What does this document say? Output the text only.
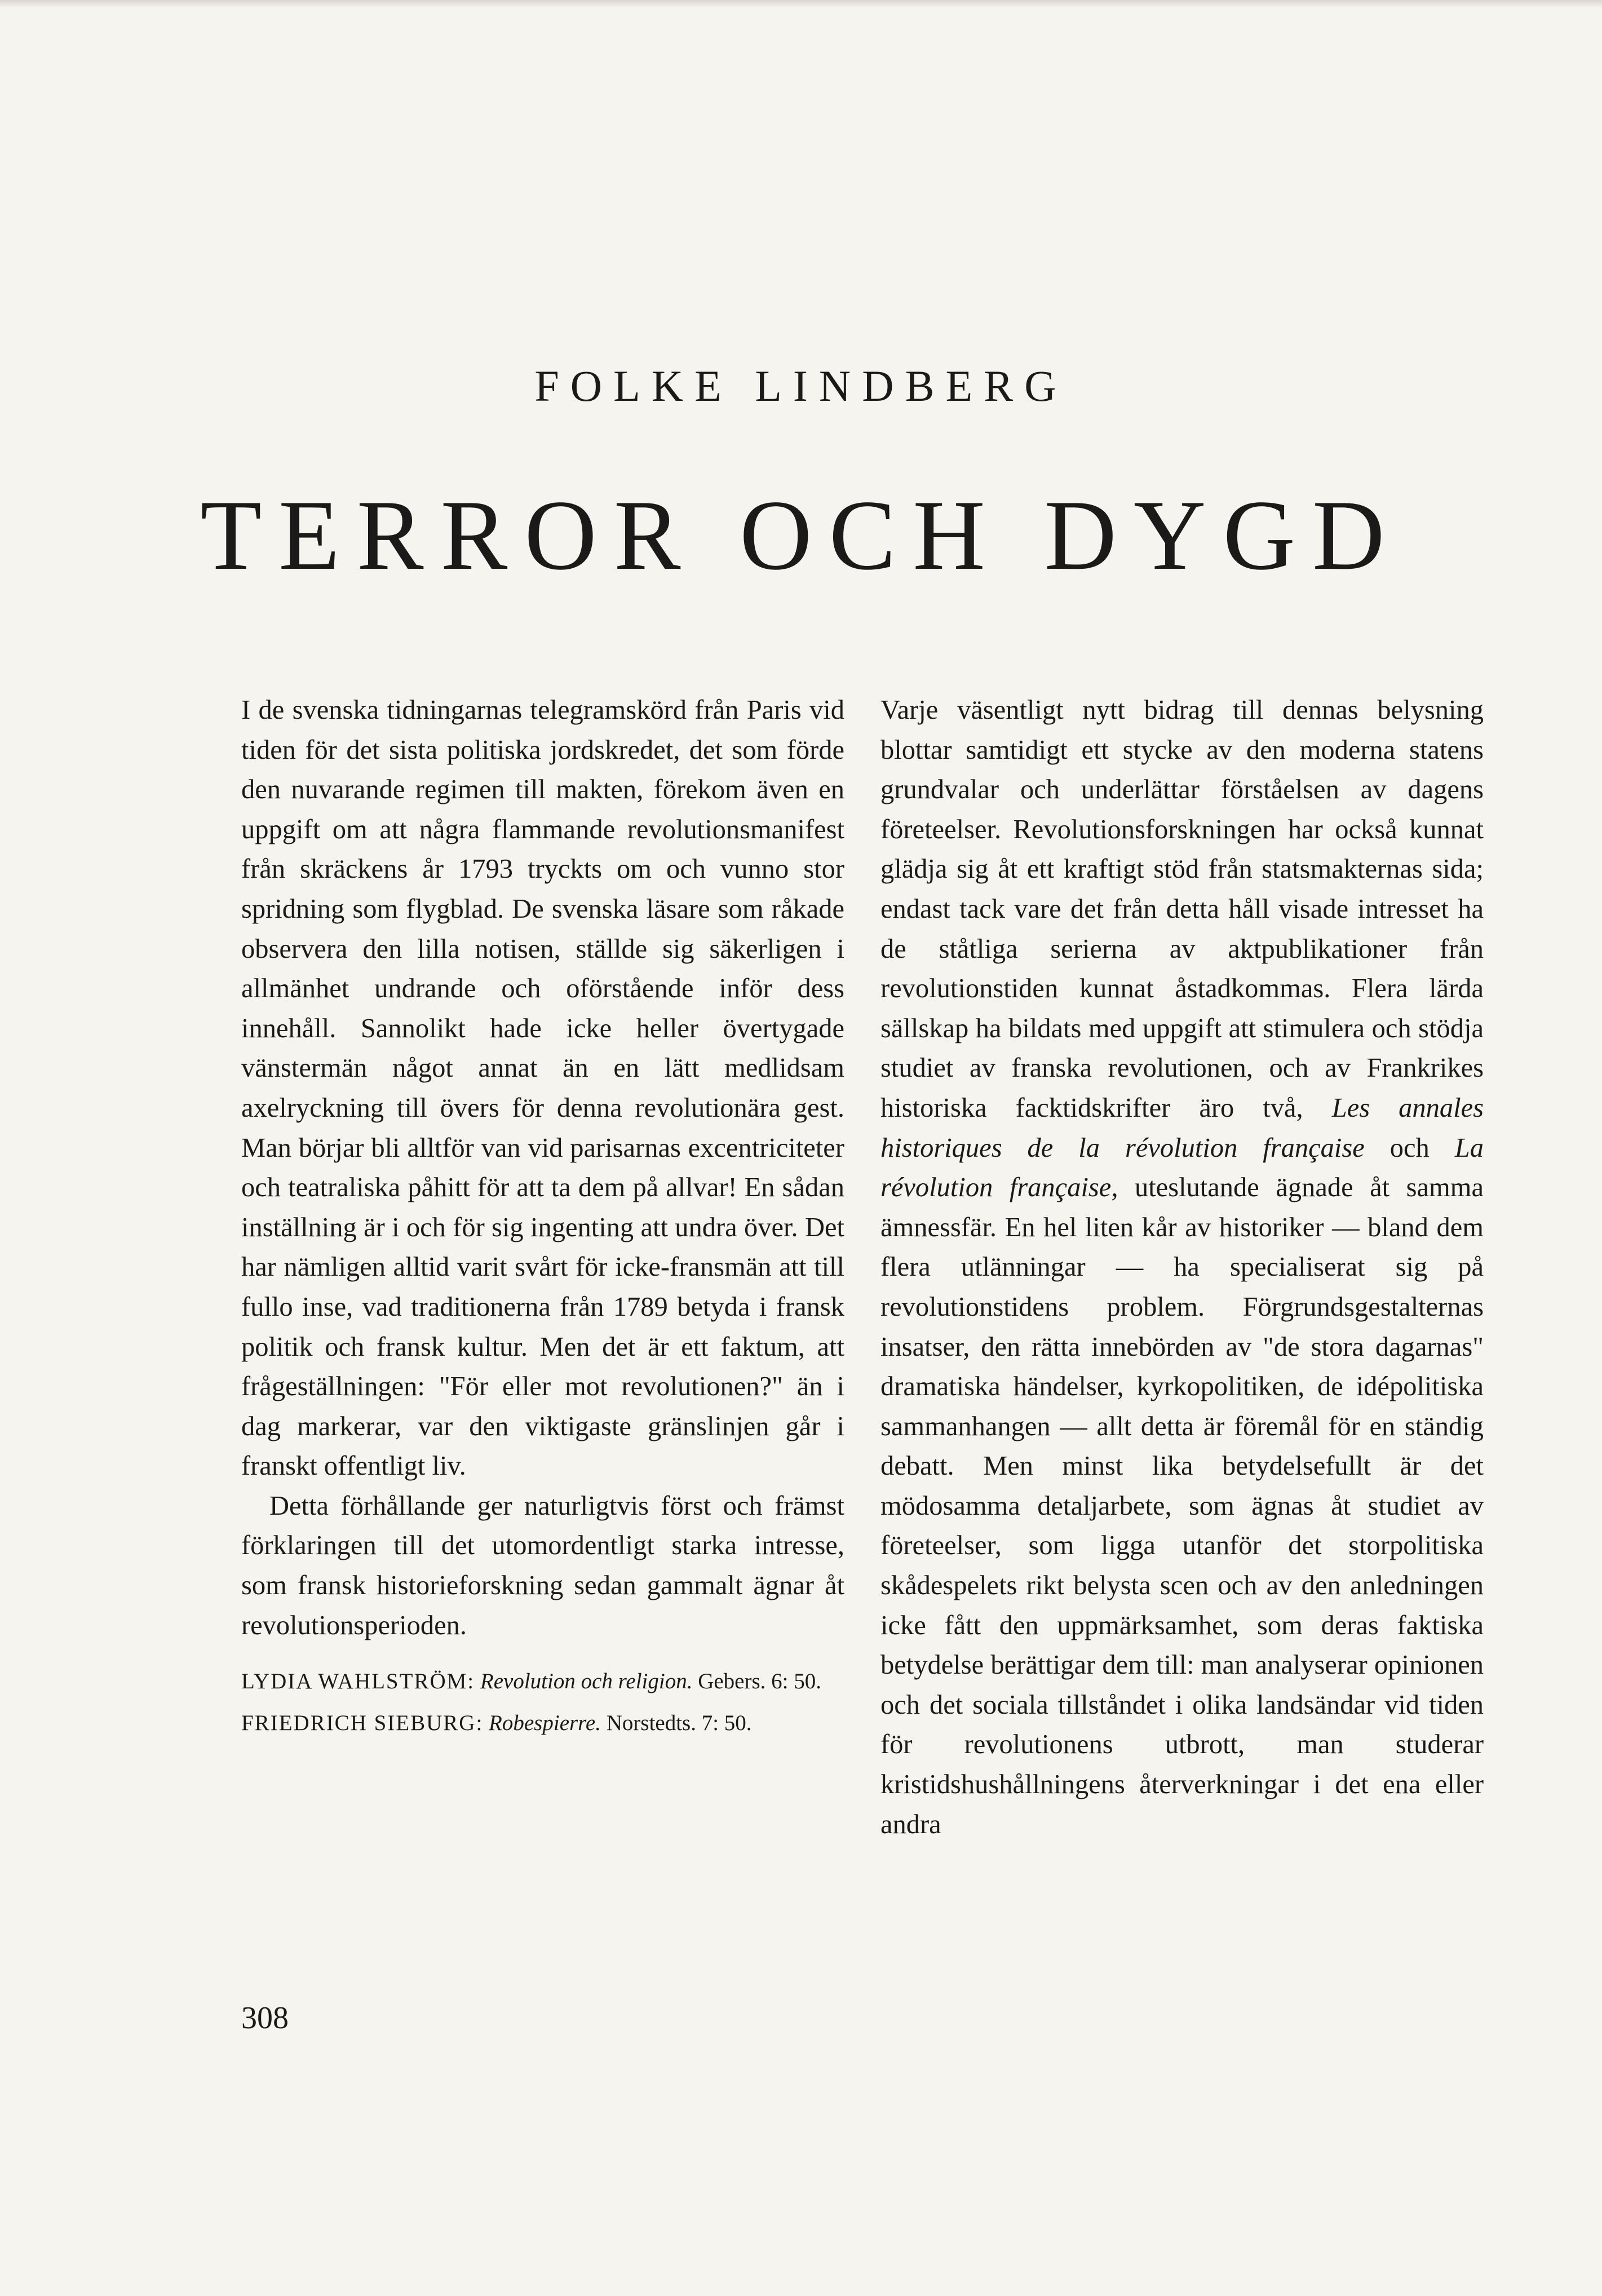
FOLKE LINDBERG
TERROR OCH DYGD

I de svenska tidningarnas telegramskörd från Paris vid tiden för det sista politiska jordskredet, det som förde den nuvarande regimen till makten, förekom även en uppgift om att några flammande revolutionsmanifest från skräckens år 1793 tryckts om och vunno stor spridning som flygblad. De svenska läsare som råkade observera den lilla notisen, ställde sig säkerligen i allmänhet undrande och oförstående inför dess innehåll. Sannolikt hade icke heller övertygade vänstermän något annat än en lätt medlidsam axelryckning till övers för denna revolutionära gest. Man börjar bli alltför van vid parisarnas excentriciteter och teatraliska påhitt för att ta dem på allvar! En sådan inställning är i och för sig ingenting att undra över. Det har nämligen alltid varit svårt för icke-fransmän att till fullo inse, vad traditionerna från 1789 betyda i fransk politik och fransk kultur. Men det är ett faktum, att frågeställningen: "För eller mot revolutionen?" än i dag markerar, var den viktigaste gränslinjen går i franskt offentligt liv.

Detta förhållande ger naturligtvis först och främst förklaringen till det utomordentligt starka intresse, som fransk historieforskning sedan gammalt ägnar åt revolutionsperioden.

LYDIA WAHLSTRÖM: Revolution och religion. Gebers. 6: 50.
FRIEDRICH SIEBURG: Robespierre. Norstedts. 7: 50.

Varje väsentligt nytt bidrag till dennas belysning blottar samtidigt ett stycke av den moderna statens grundvalar och underlättar förståelsen av dagens företeelser. Revolutionsforskningen har också kunnat glädja sig åt ett kraftigt stöd från statsmakternas sida; endast tack vare det från detta håll visade intresset ha de ståtliga serierna av aktpublikationer från revolutionstiden kunnat åstadkommas. Flera lärda sällskap ha bildats med uppgift att stimulera och stödja studiet av franska revolutionen, och av Frankrikes historiska facktidskrifter äro två, Les annales historiques de la révolution française och La révolution française, uteslutande ägnade åt samma ämnessfär. En hel liten kår av historiker — bland dem flera utlänningar — ha specialiserat sig på revolutionstidens problem. Förgrundsgestalternas insatser, den rätta innebörden av "de stora dagarnas" dramatiska händelser, kyrkopolitiken, de idépolitiska sammanhangen — allt detta är föremål för en ständig debatt. Men minst lika betydelsefullt är det mödosamma detaljarbete, som ägnas åt studiet av företeelser, som ligga utanför det storpolitiska skådespelets rikt belysta scen och av den anledningen icke fått den uppmärksamhet, som deras faktiska betydelse berättigar dem till: man analyserar opinionen och det sociala tillståndet i olika landsändar vid tiden för revolutionens utbrott, man studerar kristidshushållningens återverkningar i det ena eller andra

308
